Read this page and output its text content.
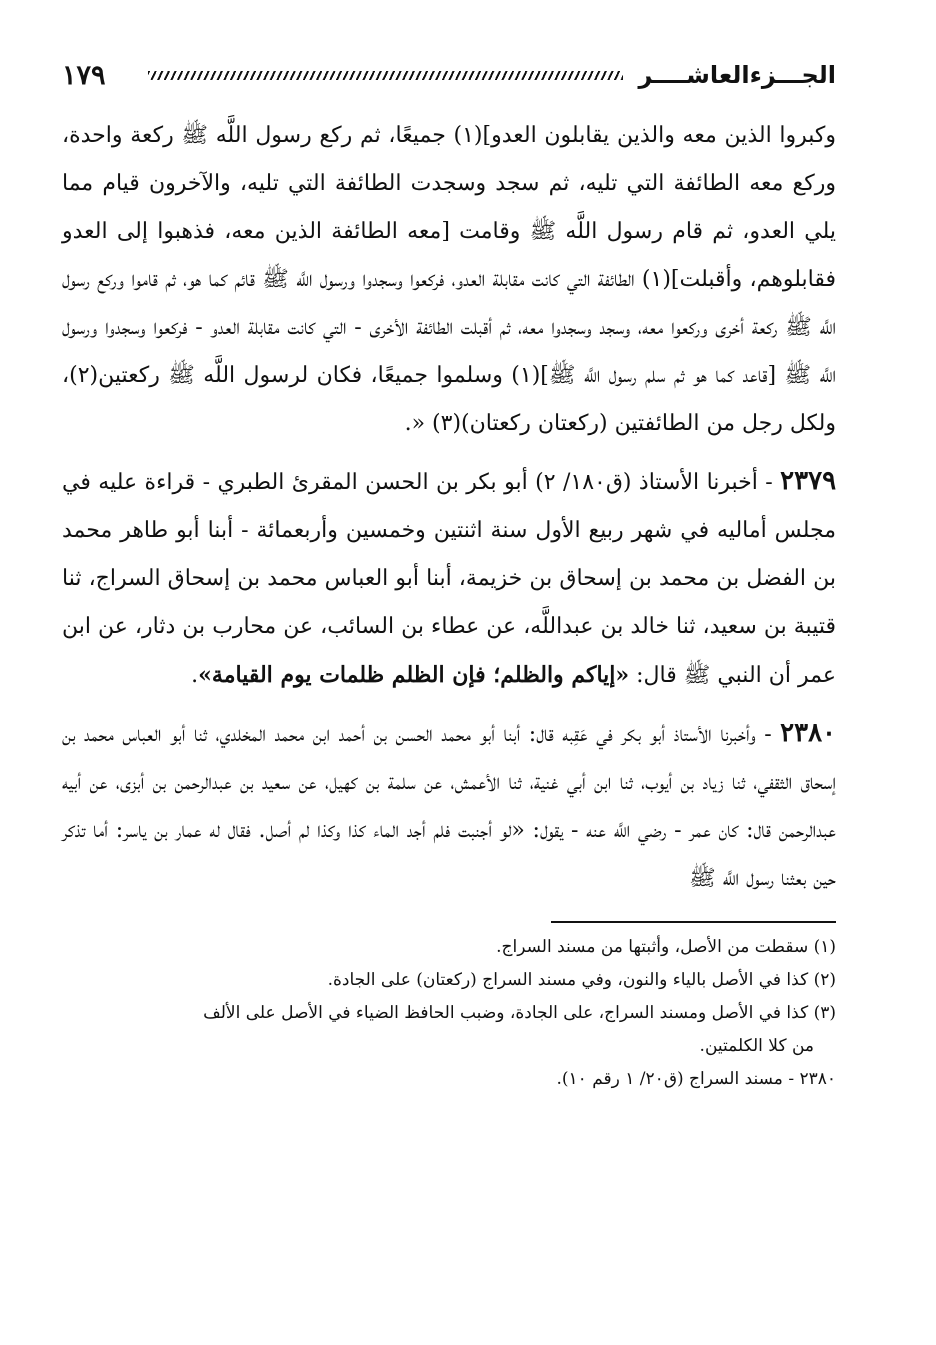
١٧٩	الجـــزءالعاشــــر

وكبروا الذين معه والذين يقابلون العدو](١) جميعًا، ثم ركع رسول اللَّه ﷺ ركعة واحدة، وركع معه الطائفة التي تليه، ثم سجد وسجدت الطائفة التي تليه، والآخرون قيام مما يلي العدو، ثم قام رسول اللَّه ﷺ وقامت [معه الطائفة الذين معه، فذهبوا إلى العدو فقابلوهم، وأقبلت](١) الطائفة التي كانت مقابلة العدو، فركعوا وسجدوا ورسول اللَّه ﷺ قائم كما هو، ثم قاموا وركع رسول اللَّه ﷺ ركعة أخرى وركعوا معه، وسجد وسجدوا معه، ثم أقبلت الطائفة الأخرى - التي كانت مقابلة العدو - فركعوا وسجدوا ورسول اللَّه ﷺ [قاعد كما هو ثم سلم رسول اللَّه ﷺ](١) وسلموا جميعًا، فكان لرسول اللَّه ﷺ ركعتين(٢)، ولكل رجل من الطائفتين (ركعتان ركعتان)(٣) «.

٢٣٧٩ - أخبرنا الأستاذ (ق١٨٠/ ٢) أبو بكر بن الحسن المقرئ الطبري - قراءة عليه في مجلس أماليه في شهر ربيع الأول سنة اثنتين وخمسين وأربعمائة - أبنا أبو طاهر محمد بن الفضل بن محمد بن إسحاق بن خزيمة، أبنا أبو العباس محمد بن إسحاق السراج، ثنا قتيبة بن سعيد، ثنا خالد بن عبداللَّه، عن عطاء بن السائب، عن محارب بن دثار، عن ابن عمر أن النبي ﷺ قال: «إياكم والظلم؛ فإن الظلم ظلمات يوم القيامة».

٢٣٨٠ - وأخبرنا الأستاذ أبو بكر في عَقِبه قال: أبنا أبو محمد الحسن بن أحمد ابن محمد المخلدي، ثنا أبو العباس محمد بن إسحاق الثقفي، ثنا زياد بن أيوب، ثنا ابن أبي غنية، ثنا الأعمش، عن سلمة بن كهيل، عن سعيد بن عبدالرحمن بن أبزى، عن أبيه عبدالرحمن قال: كان عمر - رضي اللَّه عنه - يقول: «لو أجنبت فلم أجد الماء كذا وكذا لم أصل. فقال له عمار بن ياسر: أما تذكر حين بعثنا رسول اللَّه ﷺ

(١) سقطت من الأصل، وأثبتها من مسند السراج.

(٢) كذا في الأصل بالياء والنون، وفي مسند السراج (ركعتان) على الجادة.

(٣) كذا في الأصل ومسند السراج، على الجادة، وضبب الحافظ الضياء في الأصل على الألف
من كلا الكلمتين.

٢٣٨٠ - مسند السراج (ق٢٠/ ١ رقم ١٠).
